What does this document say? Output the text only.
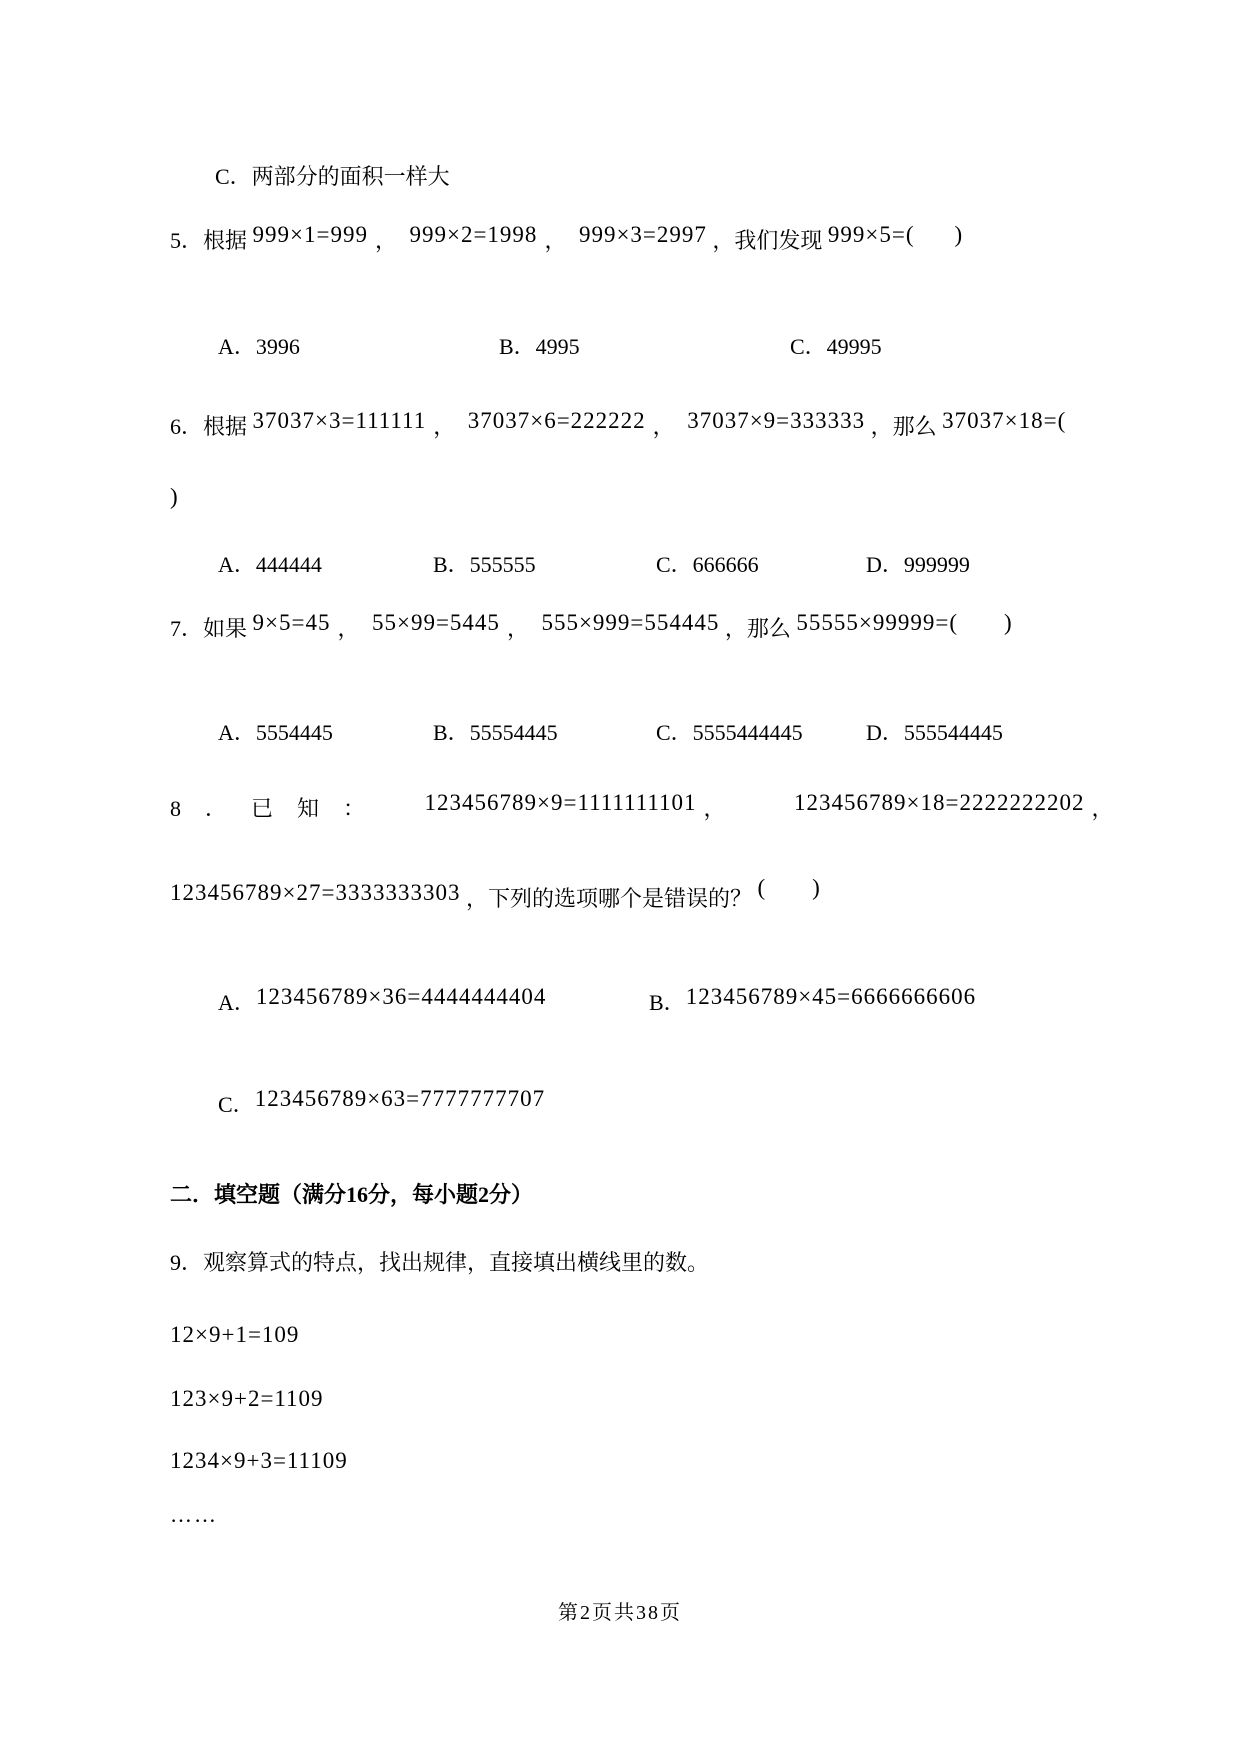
C．两部分的面积一样大
5．根据 999×1=999 ， 999×2=1998 ， 999×3=2997 ，我们发现 999×5=( )
A．3996	B．4995	C．49995
6．根据 37037×3=111111 ， 37037×6=222222 ， 37037×9=333333 ，那么 37037×18=(
)
A．444444	B．555555	C．666666	D．999999
7．如果 9×5=45 ， 55×99=5445 ， 555×999=554445 ，那么 55555×99999=( )
A．5554445	B．55554445	C．5555444445	D．555544445
8．已知： 123456789×9=1111111101 ，	123456789×18=2222222202 ，
123456789×27=3333333303 ，下列的选项哪个是错误的？ ( )
A．123456789×36=4444444404	B．123456789×45=6666666606
C．123456789×63=7777777707
二．填空题（满分16分，每小题2分）
9．观察算式的特点，找出规律，直接填出横线里的数。
12×9+1=109
123×9+2=1109
1234×9+3=11109
……
第2页共38页
